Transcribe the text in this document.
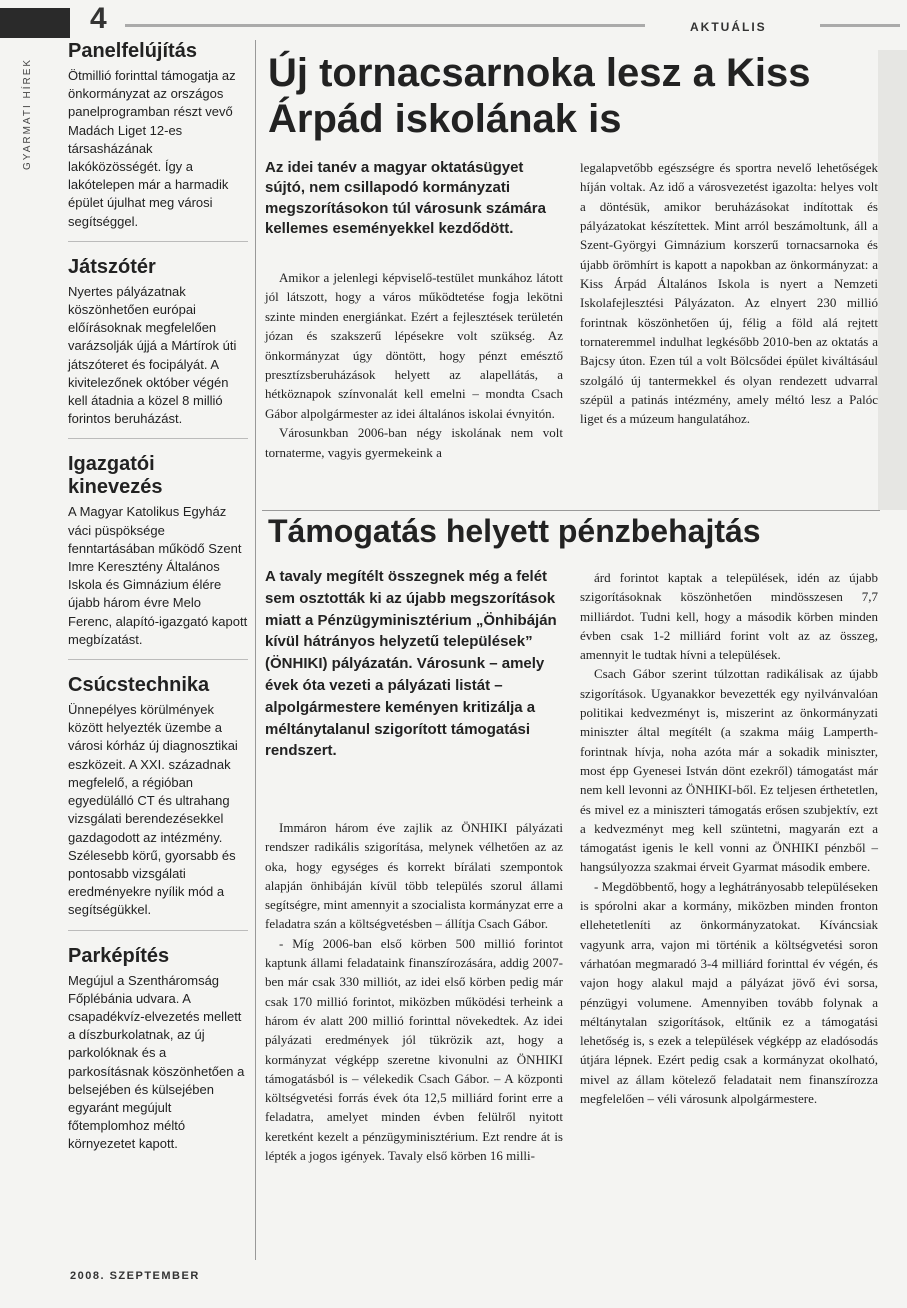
4	AKTUÁLIS
GYARMATI HÍREK
Panelfelújítás

Ötmillió forinttal támogatja az önkormányzat az országos panelprogramban részt vevő Madách Liget 12-es társasházának lakóközösségét. Így a lakótelepen már a harmadik épület újulhat meg városi segítséggel.

Játszótér

Nyertes pályázatnak köszönhetően európai előírásoknak megfelelően varázsolják újjá a Mártírok úti játszóteret és focipályát. A kivitelezőnek október végén kell átadnia a közel 8 millió forintos beruházást.

Igazgatói kinevezés

A Magyar Katolikus Egyház váci püspöksége fenntartásában működő Szent Imre Keresztény Általános Iskola és Gimnázium élére újabb három évre Melo Ferenc, alapító-igazgató kapott megbízatást.

Csúcstechnika

Ünnepélyes körülmények között helyezték üzembe a városi kórház új diagnosztikai eszközeit. A XXI. századnak megfelelő, a régióban egyedülálló CT és ultrahang vizsgálati berendezésekkel gazdagodott az intézmény. Szélesebb körű, gyorsabb és pontosabb vizsgálati eredményekre nyílik mód a segítségükkel.

Parképítés

Megújul a Szentháromság Főplébánia udvara. A csapadékvíz-elvezetés mellett a díszburkolatnak, az új parkolóknak és a parkosításnak köszönhetően a belsejében és külsejében egyaránt megújult főtemplomhoz méltó környezetet kapott.

Új tornacsarnoka lesz a Kiss Árpád iskolának is
Az idei tanév a magyar oktatásügyet sújtó, nem csillapodó kormányzati megszorításokon túl városunk számára kellemes eseményekkel kezdődött.

Amikor a jelenlegi képviselő-testület munkához látott jól látszott, hogy a város működtetése fogja lekötni szinte minden energiánkat. Ezért a fejlesztések területén józan és szakszerű lépésekre volt szükség. Az önkormányzat úgy döntött, hogy pénzt emésztő presztízsberuházások helyett az alapellátás, a hétköznapok színvonalát kell emelni – mondta Csach Gábor alpolgármester az idei általános iskolai évnyitón.

Városunkban 2006-ban négy iskolának nem volt tornaterme, vagyis gyermekeink a

legalapvetőbb egészségre és sportra nevelő lehetőségek híján voltak. Az idő a városvezetést igazolta: helyes volt a döntésük, amikor beruházásokat indítottak és pályázatokat készítettek. Mint arról beszámoltunk, áll a Szent-Györgyi Gimnázium korszerű tornacsarnoka és újabb örömhírt is kapott a napokban az önkormányzat: a Kiss Árpád Általános Iskola is nyert a Nemzeti Iskolafejlesztési Pályázaton. Az elnyert 230 millió forintnak köszönhetően új, félig a föld alá rejtett tornateremmel indulhat legkésőbb 2010-ben az oktatás a Bajcsy úton. Ezen túl a volt Bölcsődei épület kiváltásául szolgáló új tantermekkel és olyan rendezett udvarral szépül a patinás intézmény, amely méltó lesz a Palóc liget és a múzeum hangulatához.

Támogatás helyett pénzbehajtás
A tavaly megítélt összegnek még a felét sem osztották ki az újabb megszorítások miatt a Pénzügyminisztérium „Önhibáján kívül hátrányos helyzetű települések” (ÖNHIKI) pályázatán. Városunk – amely évek óta vezeti a pályázati listát – alpolgármestere keményen kritizálja a méltánytalanul szigorított támogatási rendszert.

Immáron három éve zajlik az ÖNHIKI pályázati rendszer radikális szigorítása, melynek vélhetően az az oka, hogy egységes és korrekt bírálati szempontok alapján önhibáján kívül több település szorul állami segítségre, mint amennyit a szocialista kormányzat erre a feladatra szán a költségvetésben – állítja Csach Gábor.

- Míg 2006-ban első körben 500 millió forintot kaptunk állami feladataink finanszírozására, addig 2007-ben már csak 330 milliót, az idei első körben pedig már csak 170 millió forintot, miközben működési terheink a három év alatt 200 millió forinttal növekedtek. Az idei pályázati eredmények jól tükrözik azt, hogy a kormányzat végképp szeretne kivonulni az ÖNHIKI támogatásból is – vélekedik Csach Gábor. – A központi költségvetési forrás évek óta 12,5 milliárd forint erre a feladatra, amelyet minden évben felülről nyitott keretként kezelt a pénzügyminisztérium. Ezt rendre át is lépték a jogos igények. Tavaly első körben 16 milli-

árd forintot kaptak a települések, idén az újabb szigorításoknak köszönhetően mindösszesen 7,7 milliárdot. Tudni kell, hogy a második körben minden évben csak 1-2 milliárd forint volt az az összeg, amennyit le tudtak hívni a települések.

Csach Gábor szerint túlzottan radikálisak az újabb szigorítások. Ugyanakkor bevezették egy nyilvánvalóan politikai kedvezményt is, miszerint az önkormányzati miniszter által megítélt (a szakma máig Lamperth-forintnak hívja, noha azóta már a sokadik miniszter, most épp Gyenesei István dönt ezekről) támogatást már nem kell levonni az ÖNHIKI-ből. Ez teljesen érthetetlen, és mivel ez a miniszteri támogatás erősen szubjektív, ezt a kedvezményt meg kell szüntetni, magyarán ezt a támogatást igenis le kell vonni az ÖNHIKI pénzből – hangsúlyozza szakmai érveit Gyarmat második embere.

- Megdöbbentő, hogy a leghátrányosabb településeken is spórolni akar a kormány, miközben minden fronton ellehetetleníti az önkormányzatokat. Kíváncsiak vagyunk arra, vajon mi történik a költségvetési soron várhatóan megmaradó 3-4 milliárd forinttal év végén, és vajon hogy alakul majd a pályázat jövő évi sorsa, pénzügyi volumene. Amennyiben tovább folynak a méltánytalan szigorítások, eltűnik ez a támogatási lehetőség is, s ezek a települések végképp az eladósodás útjára lépnek. Ezért pedig csak a kormányzat okolható, mivel az állam kötelező feladatait nem finanszírozza megfelelően – véli városunk alpolgármestere.

2008. SZEPTEMBER
